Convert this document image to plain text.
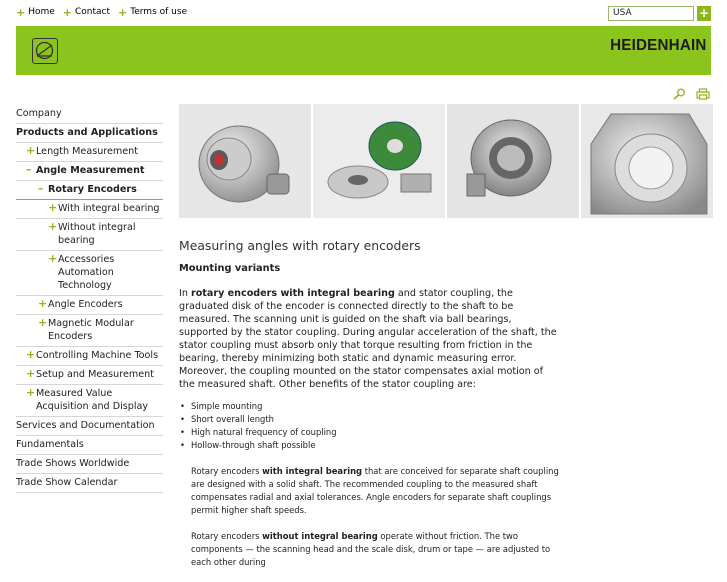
+ Home + Contact + Terms of use	USA	+
HEIDENHAIN
Company
Products and Applications
+ Length Measurement
– Angle Measurement
– Rotary Encoders
+ With integral bearing
+ Without integral bearing
+ Accessories Automation Technology
+ Angle Encoders
+ Magnetic Modular Encoders
+ Controlling Machine Tools
+ Setup and Measurement
+ Measured Value Acquisition and Display
Services and Documentation
Fundamentals
Trade Shows Worldwide
Trade Show Calendar
Measuring angles with rotary encoders
Mounting variants

In rotary encoders with integral bearing and stator coupling, the graduated disk of the encoder is connected directly to the shaft to be measured. The scanning unit is guided on the shaft via ball bearings, supported by the stator coupling. During angular acceleration of the shaft, the stator coupling must absorb only that torque resulting from friction in the bearing, thereby minimizing both static and dynamic measuring error. Moreover, the coupling mounted on the stator compensates axial motion of the measured shaft. Other benefits of the stator coupling are:

• Simple mounting
• Short overall length
• High natural frequency of coupling
• Hollow-through shaft possible

Rotary encoders with integral bearing that are conceived for separate shaft coupling are designed with a solid shaft. The recommended coupling to the measured shaft compensates radial and axial tolerances. Angle encoders for separate shaft couplings permit higher shaft speeds.

Rotary encoders without integral bearing operate without friction. The two components — the scanning head and the scale disk, drum or tape — are adjusted to each other during
